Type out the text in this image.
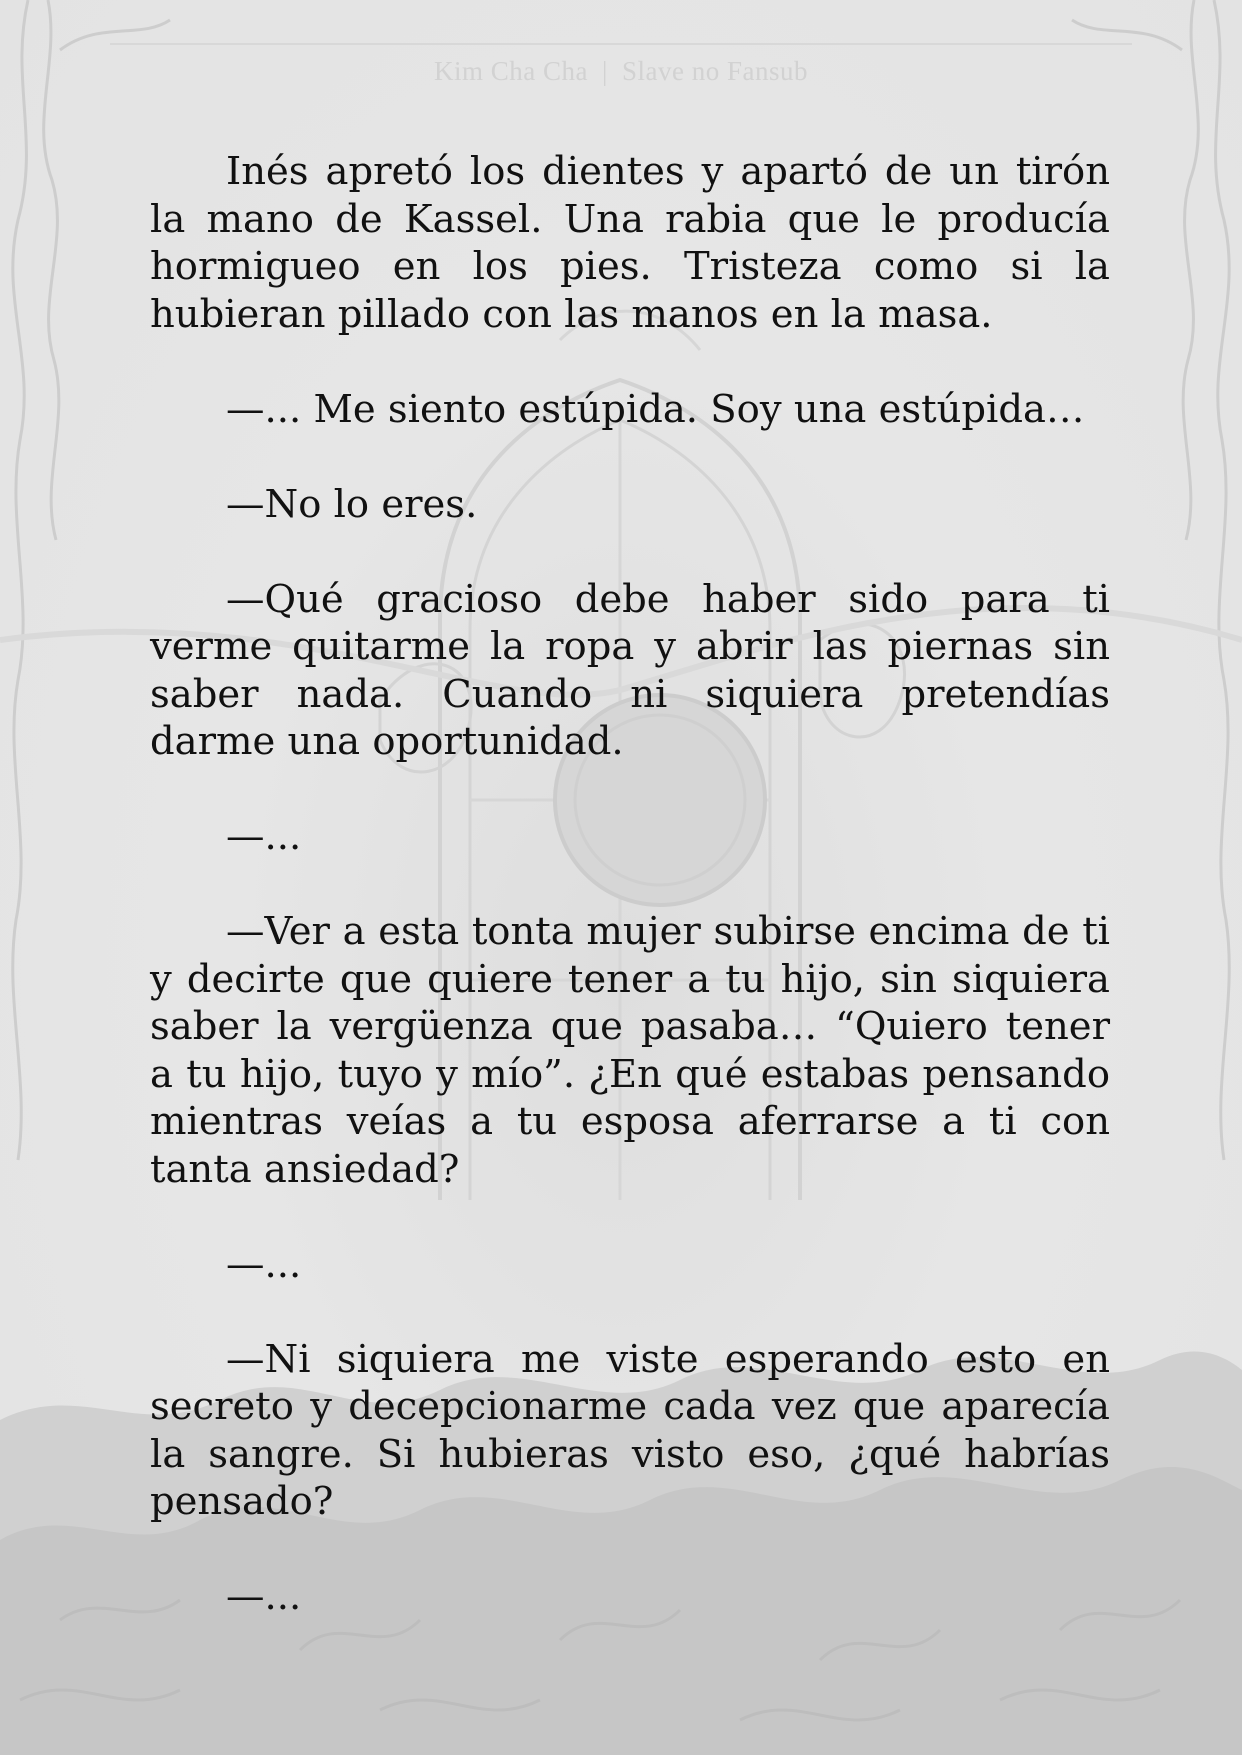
Kim Cha Cha | Slave no Fansub

Inés apretó los dientes y apartó de un tirón la mano de Kassel. Una rabia que le producía hormigueo en los pies. Tristeza como si la hubieran pillado con las manos en la masa.

—... Me siento estúpida. Soy una estúpida…

—No lo eres.

—Qué gracioso debe haber sido para ti verme quitarme la ropa y abrir las piernas sin saber nada. Cuando ni siquiera pretendías darme una oportunidad.

—...

—Ver a esta tonta mujer subirse encima de ti y decirte que quiere tener a tu hijo, sin siquiera saber la vergüenza que pasaba… “Quiero tener a tu hijo, tuyo y mío”. ¿En qué estabas pensando mientras veías a tu esposa aferrarse a ti con tanta ansiedad?

—...

—Ni siquiera me viste esperando esto en secreto y decepcionarme cada vez que aparecía la sangre. Si hubieras visto eso, ¿qué habrías pensado?

—...
